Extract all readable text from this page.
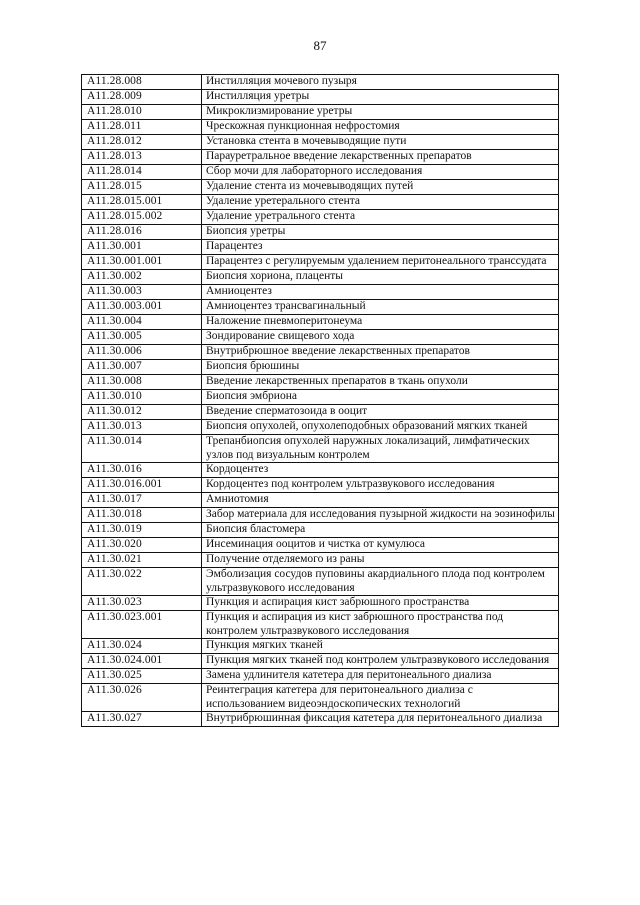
87
A11.28.008	Инстилляция мочевого пузыря
A11.28.009	Инстилляция уретры
A11.28.010	Микроклизмирование уретры
A11.28.011	Чрескожная пункционная нефростомия
A11.28.012	Установка стента в мочевыводящие пути
A11.28.013	Парауретральное введение лекарственных препаратов
A11.28.014	Сбор мочи для лабораторного исследования
A11.28.015	Удаление стента из мочевыводящих путей
A11.28.015.001	Удаление уретерального стента
A11.28.015.002	Удаление уретрального стента
A11.28.016	Биопсия уретры
A11.30.001	Парацентез
A11.30.001.001	Парацентез с регулируемым удалением перитонеального транссудата
A11.30.002	Биопсия хориона, плаценты
A11.30.003	Амниоцентез
A11.30.003.001	Амниоцентез трансвагинальный
A11.30.004	Наложение пневмоперитонеума
A11.30.005	Зондирование свищевого хода
A11.30.006	Внутрибрюшное введение лекарственных препаратов
A11.30.007	Биопсия брюшины
A11.30.008	Введение лекарственных препаратов в ткань опухоли
A11.30.010	Биопсия эмбриона
A11.30.012	Введение сперматозоида в ооцит
A11.30.013	Биопсия опухолей, опухолеподобных образований мягких тканей
A11.30.014	Трепанбиопсия опухолей наружных локализаций, лимфатических узлов под визуальным контролем
A11.30.016	Кордоцентез
A11.30.016.001	Кордоцентез под контролем ультразвукового исследования
A11.30.017	Амниотомия
A11.30.018	Забор материала для исследования пузырной жидкости на эозинофилы
A11.30.019	Биопсия бластомера
A11.30.020	Инсеминация ооцитов и чистка от кумулюса
A11.30.021	Получение отделяемого из раны
A11.30.022	Эмболизация сосудов пуповины акардиального плода под контролем ультразвукового исследования
A11.30.023	Пункция и аспирация кист забрюшного пространства
A11.30.023.001	Пункция и аспирация из кист забрюшного пространства под контролем ультразвукового исследования
A11.30.024	Пункция мягких тканей
A11.30.024.001	Пункция мягких тканей под контролем ультразвукового исследования
A11.30.025	Замена удлинителя катетера для перитонеального диализа
A11.30.026	Реинтеграция катетера для перитонеального диализа с использованием видеоэндоскопических технологий
A11.30.027	Внутрибрюшинная фиксация катетера для перитонеального диализа
